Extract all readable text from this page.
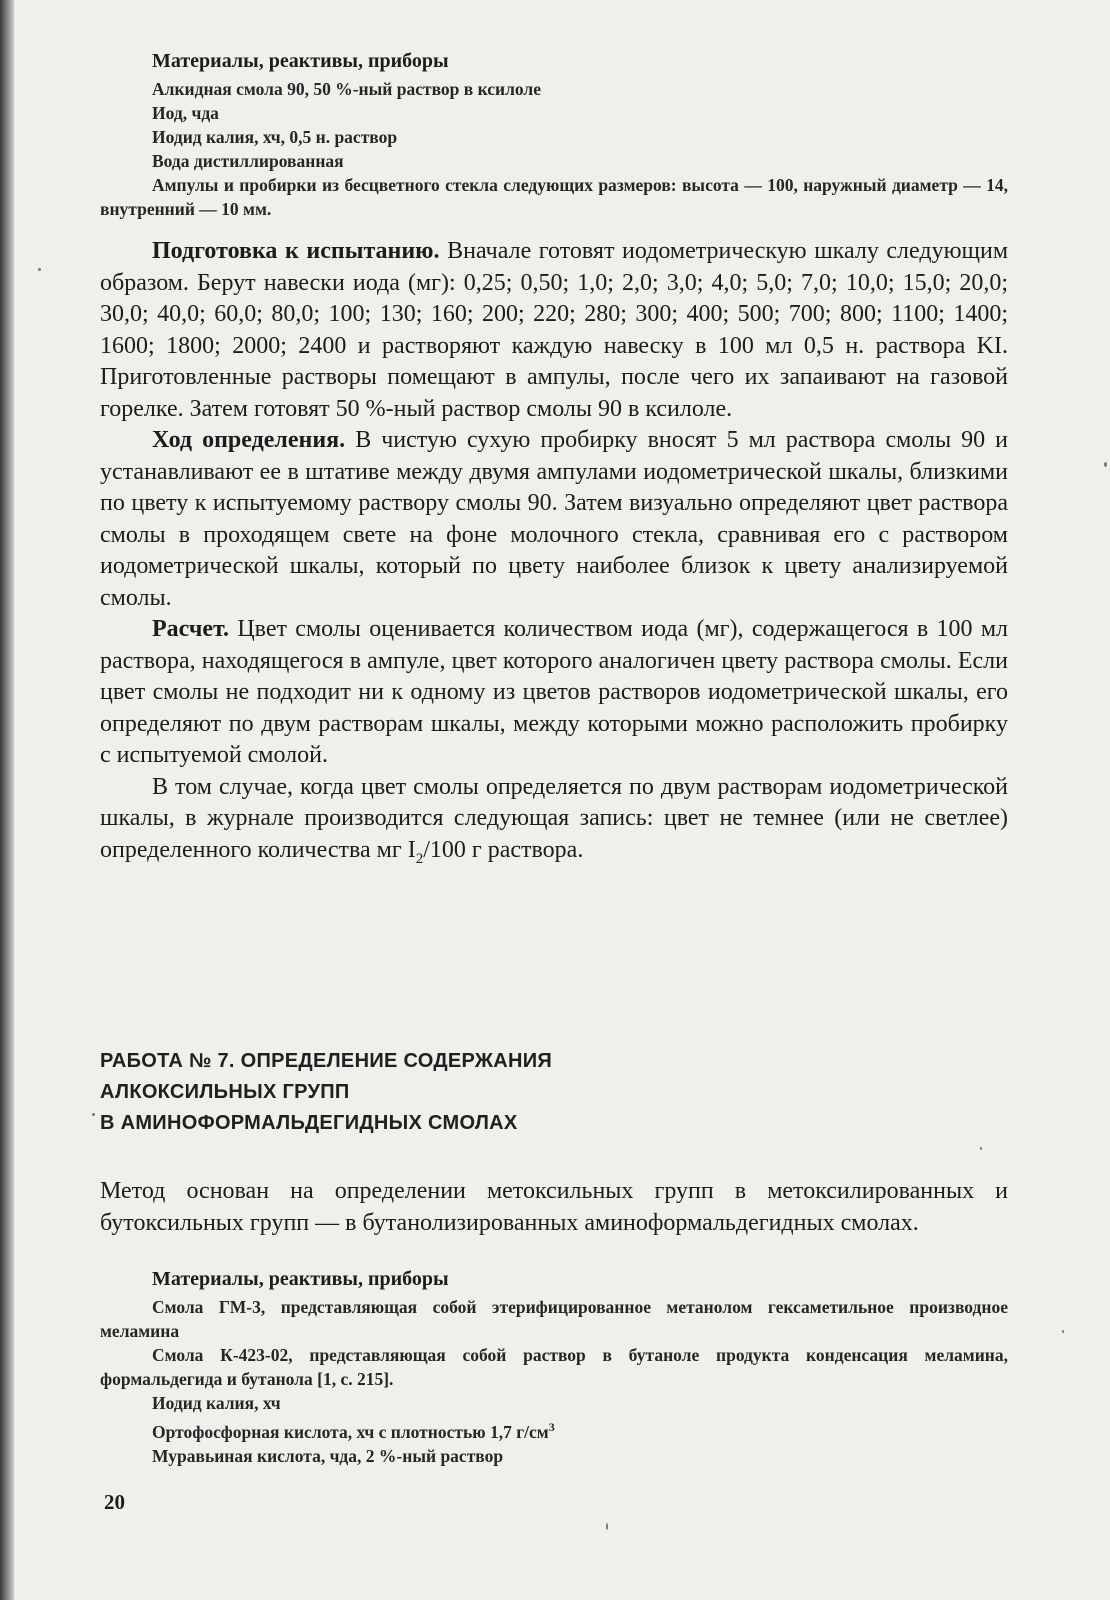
Материалы, реактивы, приборы
Алкидная смола 90, 50 %-ный раствор в ксилоле
Иод, чда
Иодид калия, хч, 0,5 н. раствор
Вода дистиллированная
Ампулы и пробирки из бесцветного стекла следующих размеров: высота — 100, наружный диаметр — 14, внутренний — 10 мм.

Подготовка к испытанию. Вначале готовят иодометрическую шкалу следующим образом. Берут навески иода (мг): 0,25; 0,50; 1,0; 2,0; 3,0; 4,0; 5,0; 7,0; 10,0; 15,0; 20,0; 30,0; 40,0; 60,0; 80,0; 100; 130; 160; 200; 220; 280; 300; 400; 500; 700; 800; 1100; 1400; 1600; 1800; 2000; 2400 и растворяют каждую навеску в 100 мл 0,5 н. раствора KI. Приготовленные растворы помещают в ампулы, после чего их запаивают на газовой горелке. Затем готовят 50 %-ный раствор смолы 90 в ксилоле.

Ход определения. В чистую сухую пробирку вносят 5 мл раствора смолы 90 и устанавливают ее в штативе между двумя ампулами иодометрической шкалы, близкими по цвету к испытуемому раствору смолы 90. Затем визуально определяют цвет раствора смолы в проходящем свете на фоне молочного стекла, сравнивая его с раствором иодометрической шкалы, который по цвету наиболее близок к цвету анализируемой смолы.

Расчет. Цвет смолы оценивается количеством иода (мг), содержащегося в 100 мл раствора, находящегося в ампуле, цвет которого аналогичен цвету раствора смолы. Если цвет смолы не подходит ни к одному из цветов растворов иодометрической шкалы, его определяют по двум растворам шкалы, между которыми можно расположить пробирку с испытуемой смолой.

В том случае, когда цвет смолы определяется по двум растворам иодометрической шкалы, в журнале производится следующая запись: цвет не темнее (или не светлее) определенного количества мг $I_2/100$ г раствора.

РАБОТА № 7. ОПРЕДЕЛЕНИЕ СОДЕРЖАНИЯ
АЛКОКСИЛЬНЫХ ГРУПП
В АМИНОФОРМАЛЬДЕГИДНЫХ СМОЛАХ

Метод основан на определении метоксильных групп в метоксилированных и бутоксильных групп — в бутанолизированных аминоформальдегидных смолах.

Материалы, реактивы, приборы
Смола ГМ-3, представляющая собой этерифицированное метанолом гексаметильное производное меламина
Смола К-423-02, представляющая собой раствор в бутаноле продукта конденсация меламина, формальдегида и бутанола [1, с. 215].
Иодид калия, хч
Ортофосфорная кислота, хч с плотностью 1,7 $г/см^3$
Муравьиная кислота, чда, 2 %-ный раствор
20
